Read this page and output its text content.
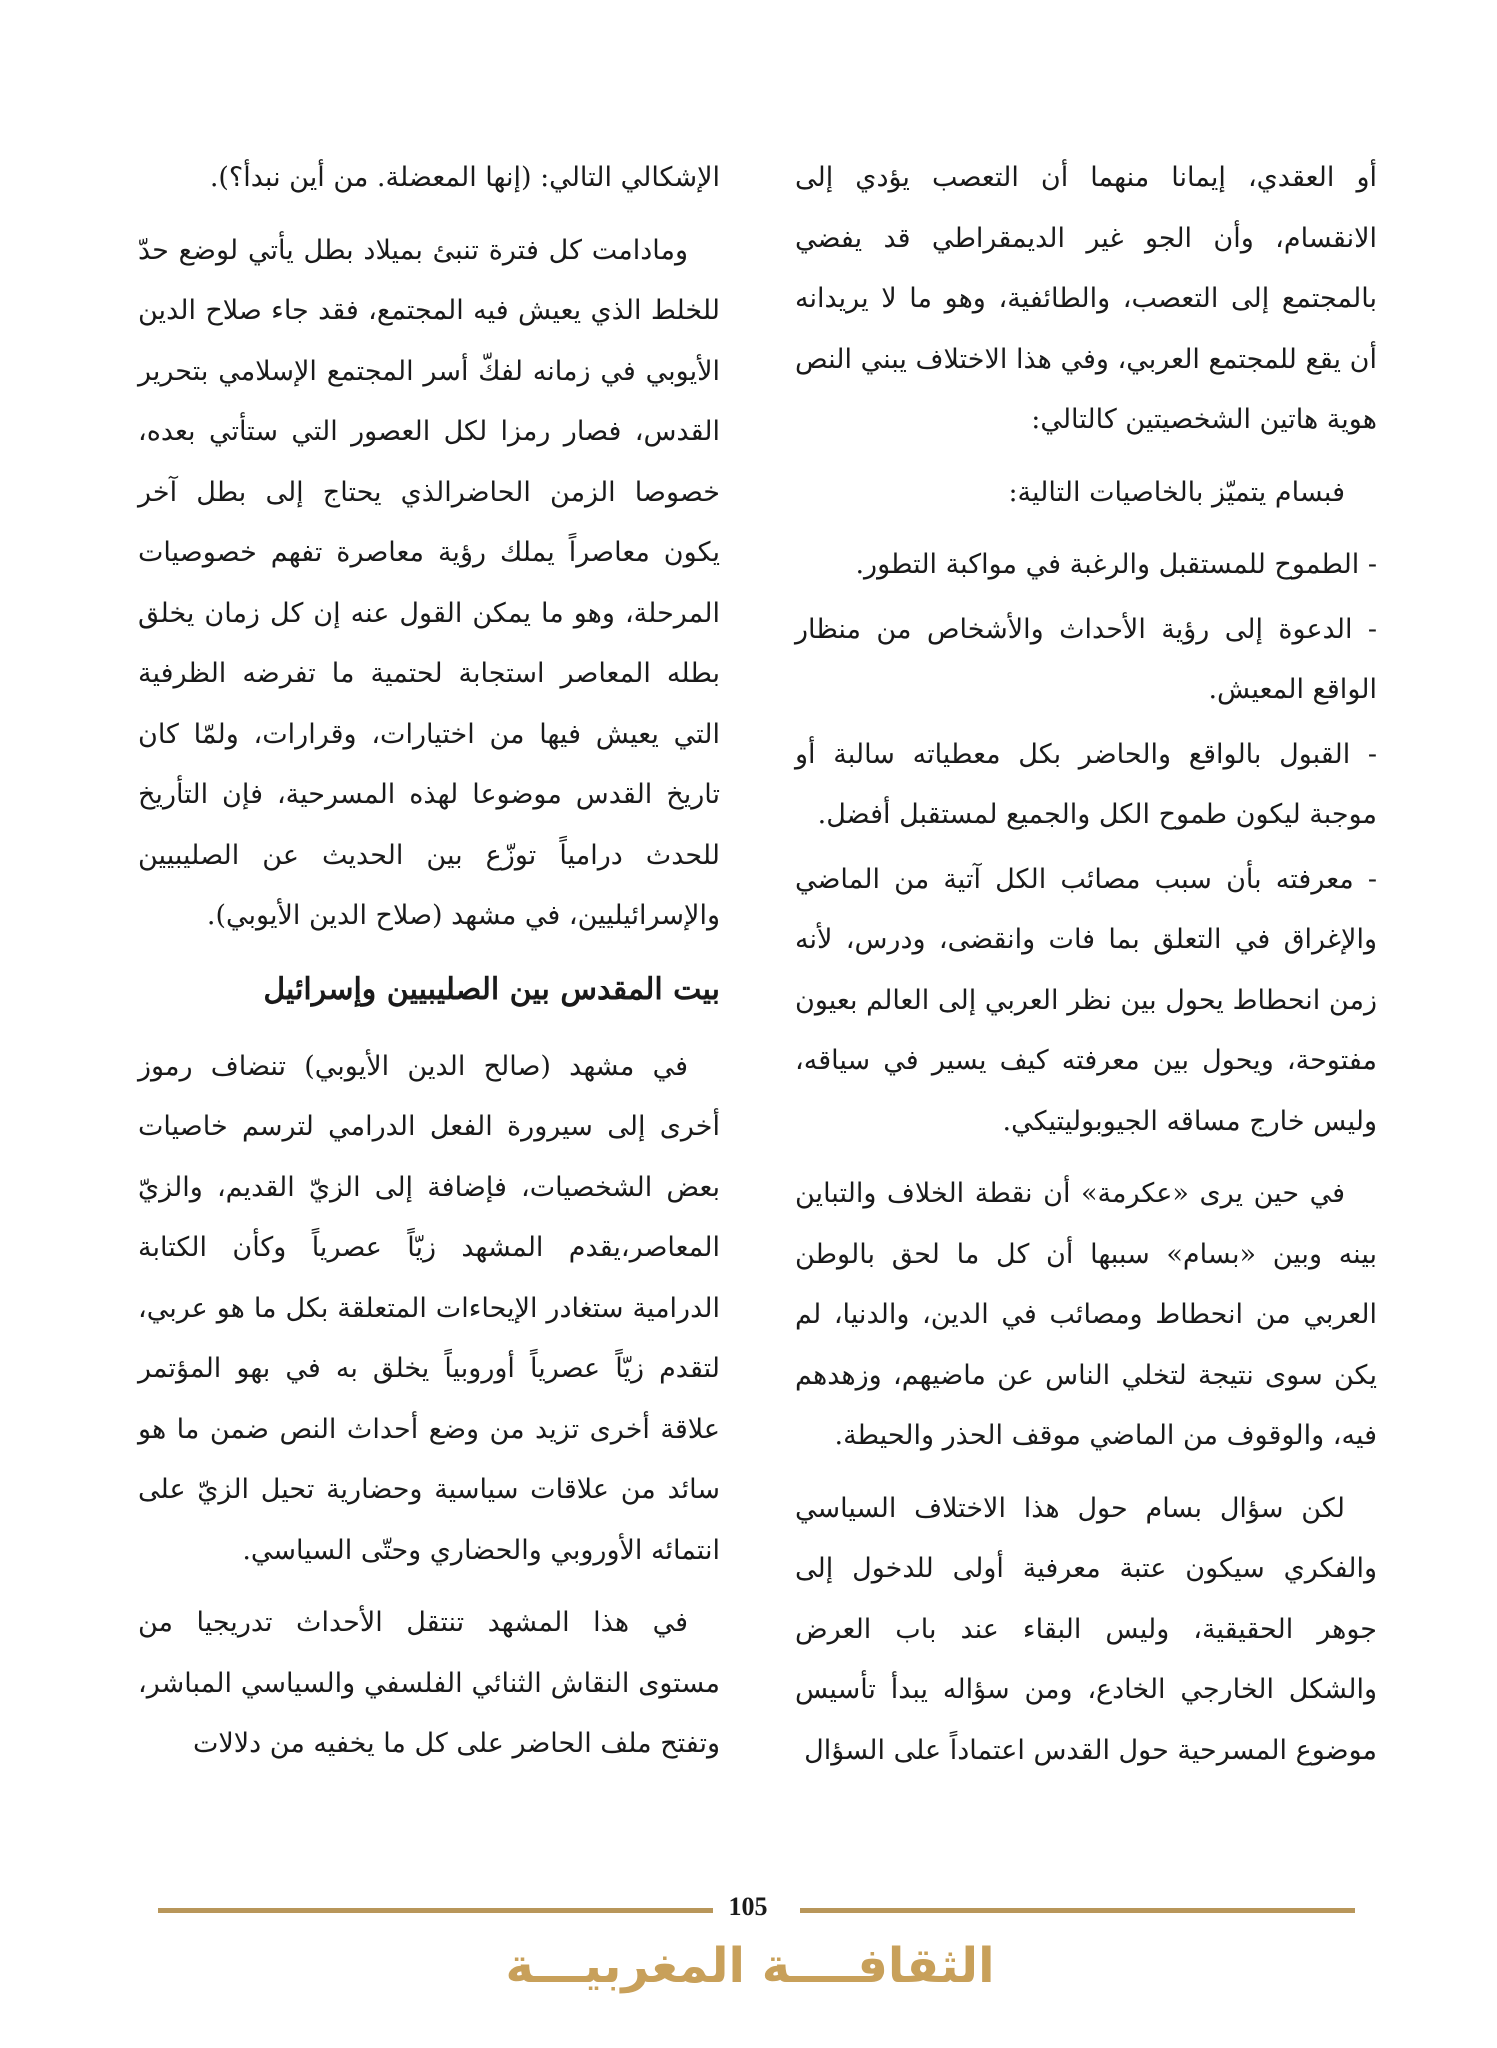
أو العقدي، إيمانا منهما أن التعصب يؤدي إلى الانقسام، وأن الجو غير الديمقراطي قد يفضي بالمجتمع إلى التعصب، والطائفية، وهو ما لا يريدانه أن يقع للمجتمع العربي، وفي هذا الاختلاف يبني النص هوية هاتين الشخصيتين كالتالي:

فبسام يتميّز بالخاصيات التالية:

- الطموح للمستقبل والرغبة في مواكبة التطور.

- الدعوة إلى رؤية الأحداث والأشخاص من منظار الواقع المعيش.

- القبول بالواقع والحاضر بكل معطياته سالبة أو موجبة ليكون طموح الكل والجميع لمستقبل أفضل.

- معرفته بأن سبب مصائب الكل آتية من الماضي والإغراق في التعلق بما فات وانقضى، ودرس، لأنه زمن انحطاط يحول بين نظر العربي إلى العالم بعيون مفتوحة، ويحول بين معرفته كيف يسير في سياقه، وليس خارج مساقه الجيوبوليتيكي.

في حين يرى «عكرمة» أن نقطة الخلاف والتباين بينه وبين «بسام» سببها أن كل ما لحق بالوطن العربي من انحطاط ومصائب في الدين، والدنيا، لم يكن سوى نتيجة لتخلي الناس عن ماضيهم، وزهدهم فيه، والوقوف من الماضي موقف الحذر والحيطة.

لكن سؤال بسام حول هذا الاختلاف السياسي والفكري سيكون عتبة معرفية أولى للدخول إلى جوهر الحقيقية، وليس البقاء عند باب العرض والشكل الخارجي الخادع، ومن سؤاله يبدأ تأسيس موضوع المسرحية حول القدس اعتماداً على السؤال

الإشكالي التالي: (إنها المعضلة. من أين نبدأ؟).

ومادامت كل فترة تنبئ بميلاد بطل يأتي لوضع حدّ للخلط الذي يعيش فيه المجتمع، فقد جاء صلاح الدين الأيوبي في زمانه لفكّ أسر المجتمع الإسلامي بتحرير القدس، فصار رمزا لكل العصور التي ستأتي بعده، خصوصا الزمن الحاضرالذي يحتاج إلى بطل آخر يكون معاصراً يملك رؤية معاصرة تفهم خصوصيات المرحلة، وهو ما يمكن القول عنه إن كل زمان يخلق بطله المعاصر استجابة لحتمية ما تفرضه الظرفية التي يعيش فيها من اختيارات، وقرارات، ولمّا كان تاريخ القدس موضوعا لهذه المسرحية، فإن التأريخ للحدث درامياً توزّع بين الحديث عن الصليبيين والإسرائيليين، في مشهد (صلاح الدين الأيوبي).

بيت المقدس بين الصليبيين وإسرائيل

في مشهد (صالح الدين الأيوبي) تنضاف رموز أخرى إلى سيرورة الفعل الدرامي لترسم خاصيات بعض الشخصيات، فإضافة إلى الزيّ القديم، والزيّ المعاصر،يقدم المشهد زيّاً عصرياً وكأن الكتابة الدرامية ستغادر الإيحاءات المتعلقة بكل ما هو عربي، لتقدم زيّاً عصرياً أوروبياً يخلق به في بهو المؤتمر علاقة أخرى تزيد من وضع أحداث النص ضمن ما هو سائد من علاقات سياسية وحضارية تحيل الزيّ على انتمائه الأوروبي والحضاري وحتّى السياسي.

في هذا المشهد تنتقل الأحداث تدريجيا من مستوى النقاش الثنائي الفلسفي والسياسي المباشر، وتفتح ملف الحاضر على كل ما يخفيه من دلالات

105
الثقافــــة المغربيـــة
